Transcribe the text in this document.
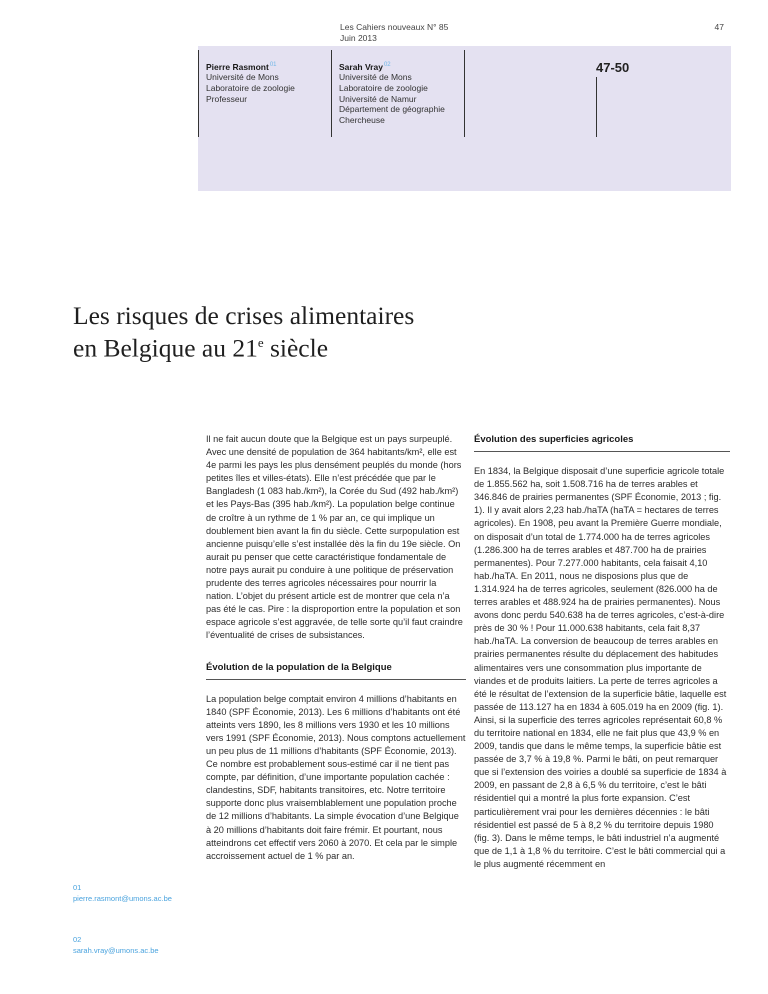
Les Cahiers nouveaux N° 85
Juin 2013
47
Pierre Rasmont$^{01}$
Université de Mons
Laboratoire de zoologie
Professeur
Sarah Vray$^{02}$
Université de Mons
Laboratoire de zoologie
Université de Namur
Département de géographie
Chercheuse
47-50
Les risques de crises alimentaires

en Belgique au 21e siècle

Il ne fait aucun doute que la Belgique est un pays surpeuplé. Avec une densité de population de 364 habitants/km², elle est 4e parmi les pays les plus densément peuplés du monde (hors petites îles et villes-états). Elle n’est précédée que par le Bangladesh (1 083 hab./km²), la Corée du Sud (492 hab./km²) et les Pays-Bas (395 hab./km²). La population belge continue de croître à un rythme de 1 % par an, ce qui implique un doublement bien avant la fin du siècle. Cette surpopulation est ancienne puisqu’elle s’est installée dès la fin du 19e siècle. On aurait pu penser que cette caractéristique fondamentale de notre pays aurait pu conduire à une politique de préservation prudente des terres agricoles nécessaires pour nourrir la nation. L’objet du présent article est de montrer que cela n’a pas été le cas. Pire : la disproportion entre la population et son espace agricole s’est aggravée, de telle sorte qu’il faut craindre l’éventualité de crises de subsistances.

Évolution de la population de la Belgique

La population belge comptait environ 4 millions d’habitants en 1840 (SPF Économie, 2013). Les 6 millions d’habitants ont été atteints vers 1890, les 8 millions vers 1930 et les 10 millions vers 1991 (SPF Économie, 2013). Nous comptons actuellement un peu plus de 11 millions d’habitants (SPF Économie, 2013). Ce nombre est probablement sous-estimé car il ne tient pas compte, par définition, d’une importante population cachée : clandestins, SDF, habitants transitoires, etc. Notre territoire supporte donc plus vraisemblablement une population proche de 12 millions d’habitants. La simple évocation d’une Belgique à 20 millions d’habitants doit faire frémir. Et pourtant, nous atteindrons cet effectif vers 2060 à 2070. Et cela par le simple accroissement actuel de 1 % par an.

Évolution des superficies agricoles

En 1834, la Belgique disposait d’une superficie agricole totale de 1.855.562 ha, soit 1.508.716 ha de terres arables et 346.846 de prairies permanentes (SPF Économie, 2013 ; fig. 1). Il y avait alors 2,23 hab./haTA (haTA = hectares de terres agricoles). En 1908, peu avant la Première Guerre mondiale, on disposait d’un total de 1.774.000 ha de terres agricoles (1.286.300 ha de terres arables et 487.700 ha de prairies permanentes). Pour 7.277.000 habitants, cela faisait 4,10 hab./haTA. En 2011, nous ne disposions plus que de 1.314.924 ha de terres agricoles, seulement (826.000 ha de terres arables et 488.924 ha de prairies permanentes). Nous avons donc perdu 540.638 ha de terres agricoles, c’est-à-dire près de 30 % ! Pour 11.000.638 habitants, cela fait 8,37 hab./haTA. La conversion de beaucoup de terres arables en prairies permanentes résulte du déplacement des habitudes alimentaires vers une consommation plus importante de viandes et de produits laitiers. La perte de terres agricoles a été le résultat de l’extension de la superficie bâtie, laquelle est passée de 113.127 ha en 1834 à 605.019 ha en 2009 (fig. 1). Ainsi, si la superficie des terres agricoles représentait 60,8 % du territoire national en 1834, elle ne fait plus que 43,9 % en 2009, tandis que dans le même temps, la superficie bâtie est passée de 3,7 % à 19,8 %. Parmi le bâti, on peut remarquer que si l’extension des voiries a doublé sa superficie de 1834 à 2009, en passant de 2,8 à 6,5 % du territoire, c’est le bâti résidentiel qui a montré la plus forte expansion. C’est particulièrement vrai pour les dernières décennies : le bâti résidentiel est passé de 5 à 8,2 % du territoire depuis 1980 (fig. 3). Dans le même temps, le bâti industriel n’a augmenté que de 1,1 à 1,8 % du territoire. C’est le bâti commercial qui a le plus augmenté récemment en

01
pierre.rasmont@umons.ac.be
02
sarah.vray@umons.ac.be
